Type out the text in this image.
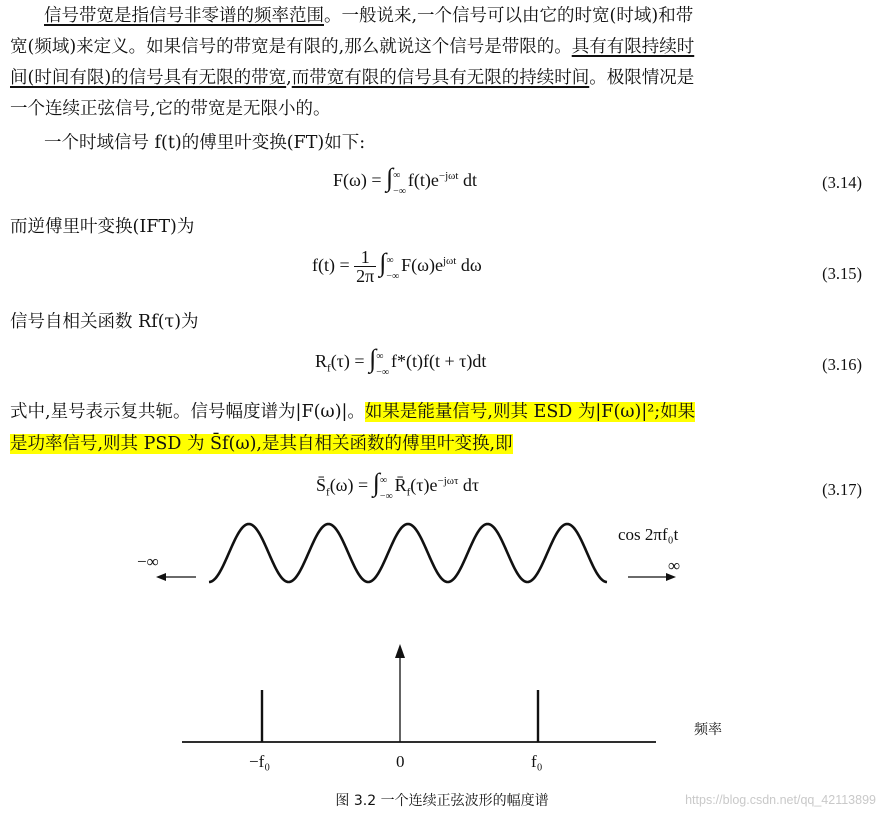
信号带宽是指信号非零谱的频率范围。一般说来,一个信号可以由它的时宽(时域)和带
宽(频域)来定义。如果信号的带宽是有限的,那么就说这个信号是带限的。具有有限持续时
间(时间有限)的信号具有无限的带宽,而带宽有限的信号具有无限的持续时间。极限情况是
一个连续正弦信号,它的带宽是无限小的。
一个时域信号 f(t)的傅里叶变换(FT)如下:
F(ω) = ∫∞
$-\infty f(t)e^{-j\omega t}$ dt	(3.14)
而逆傅里叶变换(IFT)为
$f(t) = \frac{1}{2\pi}$ ∫∞
$-\infty F(\omega)e^{j\omega t}$ dω	(3.15)
信号自相关函数 Rf(τ)为
$R_f(\tau)$ = ∫∞
−∞f*(t)f(t + τ)dt	(3.16)
式中,星号表示复共轭。信号幅度谱为|F(ω)|。如果是能量信号,则其 ESD 为|F(ω)|²;如果
是功率信号,则其 PSD 为 S̄f(ω),是其自相关函数的傅里叶变换,即
$S̄_f(\omega)$ = ∫∞
$-\infty R̄_f(\tau)e^{-j\omega\tau}$ dτ	(3.17)
cos 2πf₀t
−∞	∞
频率
−f₀	0	f₀
图 3.2 一个连续正弦波形的幅度谱	https://blog.csdn.net/qq_42113899
